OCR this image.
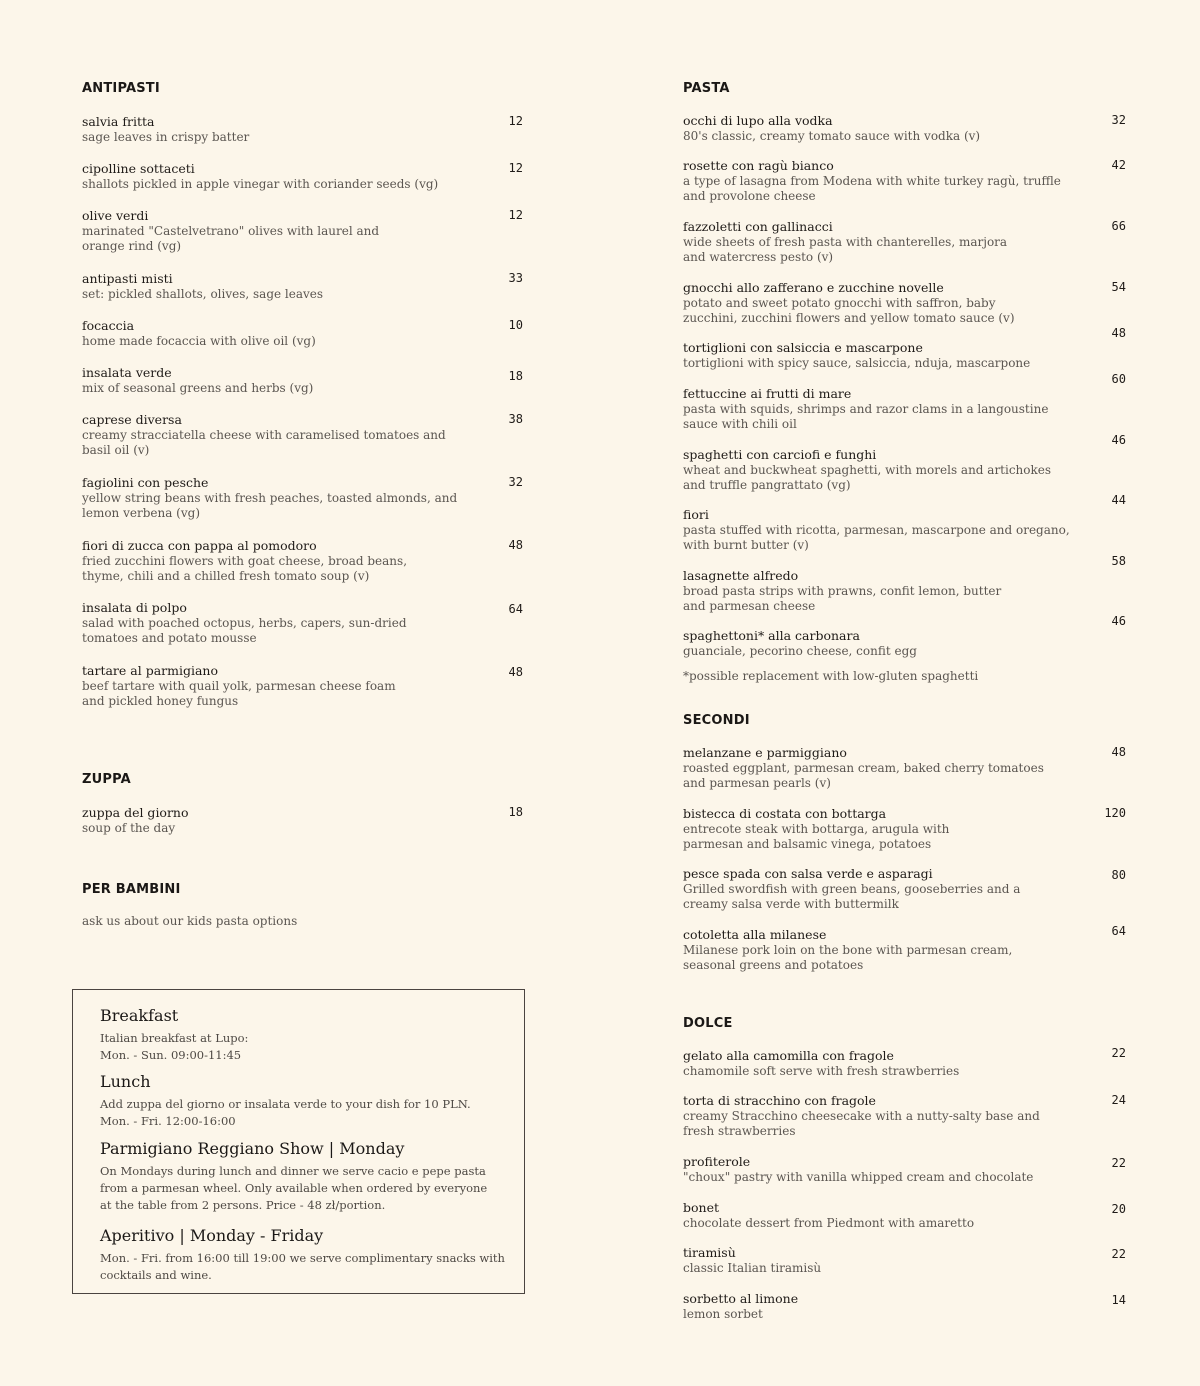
ANTIPASTI
salvia fritta
sage leaves in crispy batter
12
cipolline sottaceti
shallots pickled in apple vinegar with coriander seeds (vg)
12
olive verdi
marinated "Castelvetrano" olives with laurel and orange rind (vg)
12
antipasti misti
set: pickled shallots, olives, sage leaves
33
focaccia
home made focaccia with olive oil (vg)
10
insalata verde
mix of seasonal greens and herbs (vg)
18
caprese diversa
creamy stracciatella cheese with caramelised tomatoes and basil oil (v)
38
fagiolini con pesche
yellow string beans with fresh peaches, toasted almonds, and lemon verbena (vg)
32
fiori di zucca con pappa al pomodoro
fried zucchini flowers with goat cheese, broad beans, thyme, chili and a chilled fresh tomato soup (v)
48
insalata di polpo
salad with poached octopus, herbs, capers, sun-dried tomatoes and potato mousse
64
tartare al parmigiano
beef tartare with quail yolk, parmesan cheese foam and pickled honey fungus
48
ZUPPA
zuppa del giorno
soup of the day
18
PER BAMBINI
ask us about our kids pasta options
Breakfast
Italian breakfast at Lupo:
Mon. - Sun. 09:00-11:45
Lunch
Add zuppa del giorno or insalata verde to your dish for 10 PLN.
Mon. - Fri. 12:00-16:00
Parmigiano Reggiano Show | Monday
On Mondays during lunch and dinner we serve cacio e pepe pasta
from a parmesan wheel. Only available when ordered by everyone
at the table from 2 persons. Price - 48 zł/portion.
Aperitivo | Monday - Friday
Mon. - Fri. from 16:00 till 19:00 we serve complimentary snacks with
cocktails and wine.
PASTA
occhi di lupo alla vodka
80's classic, creamy tomato sauce with vodka (v)
32
rosette con ragù bianco
a type of lasagna from Modena with white turkey ragù, truffle and provolone cheese
42
fazzoletti con gallinacci
wide sheets of fresh pasta with chanterelles, marjora and watercress pesto (v)
66
gnocchi allo zafferano e zucchine novelle
potato and sweet potato gnocchi with saffron, baby zucchini, zucchini flowers and yellow tomato sauce (v)
54
tortiglioni con salsiccia e mascarpone
tortiglioni with spicy sauce, salsiccia, nduja, mascarpone
48
fettuccine ai frutti di mare
pasta with squids, shrimps and razor clams in a langoustine sauce with chili oil
60
spaghetti con carciofi e funghi
wheat and buckwheat spaghetti, with morels and artichokes and truffle pangrattato (vg)
46
fiori
pasta stuffed with ricotta, parmesan, mascarpone and oregano, with burnt butter (v)
44
lasagnette alfredo
broad pasta strips with prawns, confit lemon, butter and parmesan cheese
58
spaghettoni* alla carbonara
guanciale, pecorino cheese, confit egg
46
*possible replacement with low-gluten spaghetti
SECONDI
melanzane e parmiggiano
roasted eggplant, parmesan cream, baked cherry tomatoes and parmesan pearls (v)
48
bistecca di costata con bottarga
entrecote steak with bottarga, arugula with parmesan and balsamic vinega, potatoes
120
pesce spada con salsa verde e asparagi
Grilled swordfish with green beans, gooseberries and a creamy salsa verde with buttermilk
80
cotoletta alla milanese
Milanese pork loin on the bone with parmesan cream, seasonal greens and potatoes
64
DOLCE
gelato alla camomilla con fragole
chamomile soft serve with fresh strawberries
22
torta di stracchino con fragole
creamy Stracchino cheesecake with a nutty-salty base and fresh strawberries
24
profiterole
"choux" pastry with vanilla whipped cream and chocolate
22
bonet
chocolate dessert from Piedmont with amaretto
20
tiramisù
classic Italian tiramisù
22
sorbetto al limone
lemon sorbet
14
